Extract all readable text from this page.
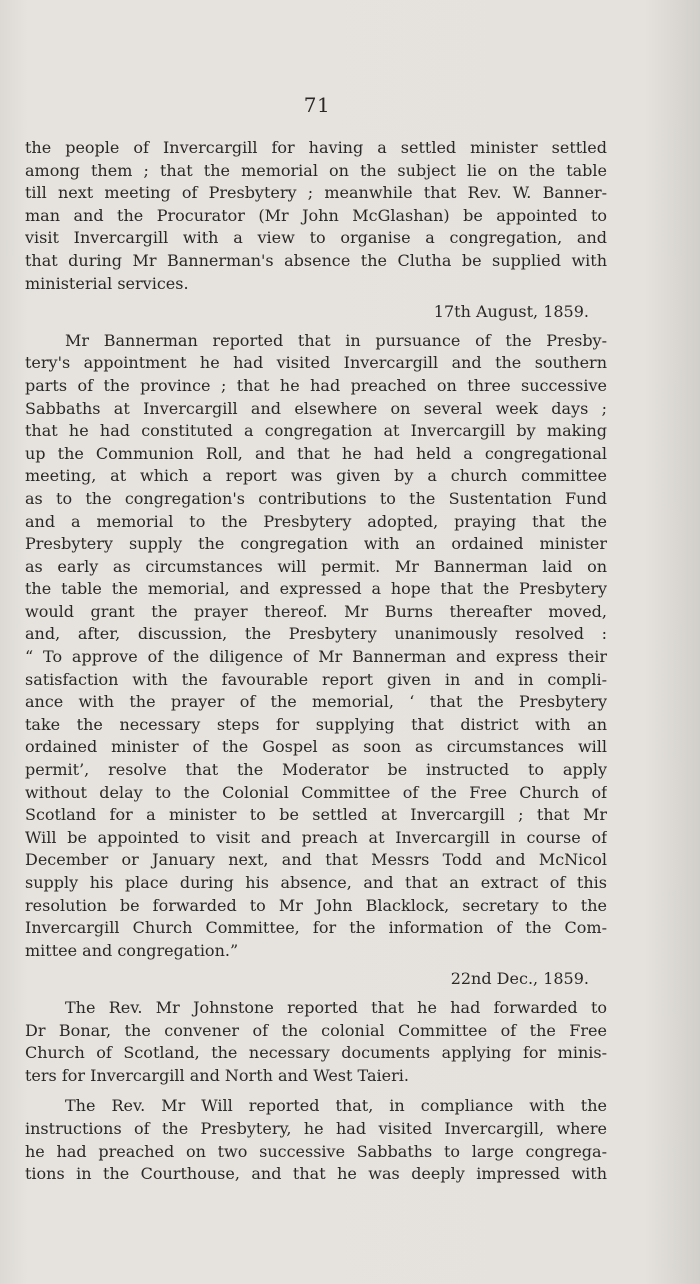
71
the people of Invercargill for having a settled minister settled
among them ; that the memorial on the subject lie on the table
till next meeting of Presbytery ; meanwhile that Rev. W. Banner-
man and the Procurator (Mr John McGlashan) be appointed to
visit Invercargill with a view to organise a congregation, and
that during Mr Bannerman's absence the Clutha be supplied with
ministerial services.
17th August, 1859.
Mr Bannerman reported that in pursuance of the Presby-
tery's appointment he had visited Invercargill and the southern
parts of the province ; that he had preached on three successive
Sabbaths at Invercargill and elsewhere on several week days ;
that he had constituted a congregation at Invercargill by making
up the Communion Roll, and that he had held a congregational
meeting, at which a report was given by a church committee
as to the congregation's contributions to the Sustentation Fund
and a memorial to the Presbytery adopted, praying that the
Presbytery supply the congregation with an ordained minister
as early as circumstances will permit. Mr Bannerman laid on
the table the memorial, and expressed a hope that the Presbytery
would grant the prayer thereof. Mr Burns thereafter moved,
and, after, discussion, the Presbytery unanimously resolved :
“ To approve of the diligence of Mr Bannerman and express their
satisfaction with the favourable report given in and in compli-
ance with the prayer of the memorial, ‘ that the Presbytery
take the necessary steps for supplying that district with an
ordained minister of the Gospel as soon as circumstances will
permit’, resolve that the Moderator be instructed to apply
without delay to the Colonial Committee of the Free Church of
Scotland for a minister to be settled at Invercargill ; that Mr
Will be appointed to visit and preach at Invercargill in course of
December or January next, and that Messrs Todd and McNicol
supply his place during his absence, and that an extract of this
resolution be forwarded to Mr John Blacklock, secretary to the
Invercargill Church Committee, for the information of the Com-
mittee and congregation.”
22nd Dec., 1859.
The Rev. Mr Johnstone reported that he had forwarded to
Dr Bonar, the convener of the colonial Committee of the Free
Church of Scotland, the necessary documents applying for minis-
ters for Invercargill and North and West Taieri.
The Rev. Mr Will reported that, in compliance with the
instructions of the Presbytery, he had visited Invercargill, where
he had preached on two successive Sabbaths to large congrega-
tions in the Courthouse, and that he was deeply impressed with
